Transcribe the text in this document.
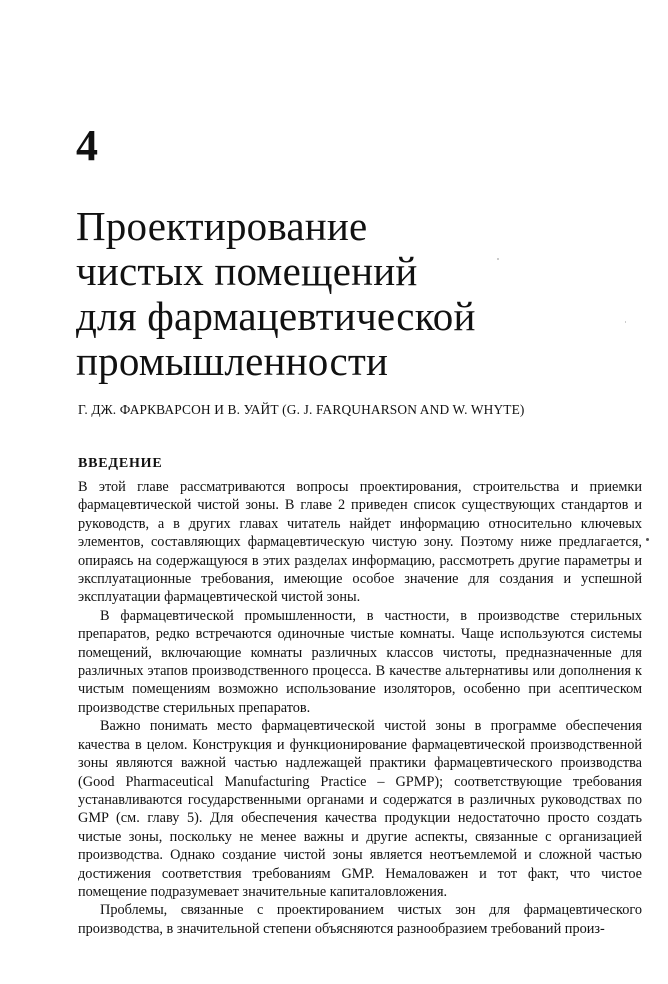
4
Проектирование
чистых помещений
для фармацевтической
промышленности

Г. ДЖ. ФАРКВАРСОН И В. УАЙТ (G. J. FARQUHARSON AND W. WHYTE)

ВВЕДЕНИЕ

В этой главе рассматриваются вопросы проектирования, строительства и приемки фармацевтической чистой зоны. В главе 2 приведен список существующих стандартов и руководств, а в других главах читатель найдет информацию относительно ключевых элементов, составляющих фармацевтическую чистую зону. Поэтому ниже предлагается, опираясь на содержащуюся в этих разделах информацию, рассмотреть другие параметры и эксплуатационные требования, имеющие особое значение для создания и успешной эксплуатации фармацевтической чистой зоны.

В фармацевтической промышленности, в частности, в производстве стерильных препаратов, редко встречаются одиночные чистые комнаты. Чаще используются системы помещений, включающие комнаты различных классов чистоты, предназначенные для различных этапов производственного процесса. В качестве альтернативы или дополнения к чистым помещениям возможно использование изоляторов, особенно при асептическом производстве стерильных препаратов.

Важно понимать место фармацевтической чистой зоны в программе обеспечения качества в целом. Конструкция и функционирование фармацевтической производственной зоны являются важной частью надлежащей практики фармацевтического производства (Good Pharmaceutical Manufacturing Practice – GPMP); соответствующие требования устанавливаются государственными органами и содержатся в различных руководствах по GMP (см. главу 5). Для обеспечения качества продукции недостаточно просто создать чистые зоны, поскольку не менее важны и другие аспекты, связанные с организацией производства. Однако создание чистой зоны является неотъемлемой и сложной частью достижения соответствия требованиям GMP. Немаловажен и тот факт, что чистое помещение подразумевает значительные капиталовложения.

Проблемы, связанные с проектированием чистых зон для фармацевтического производства, в значительной степени объясняются разнообразием требований произ-
